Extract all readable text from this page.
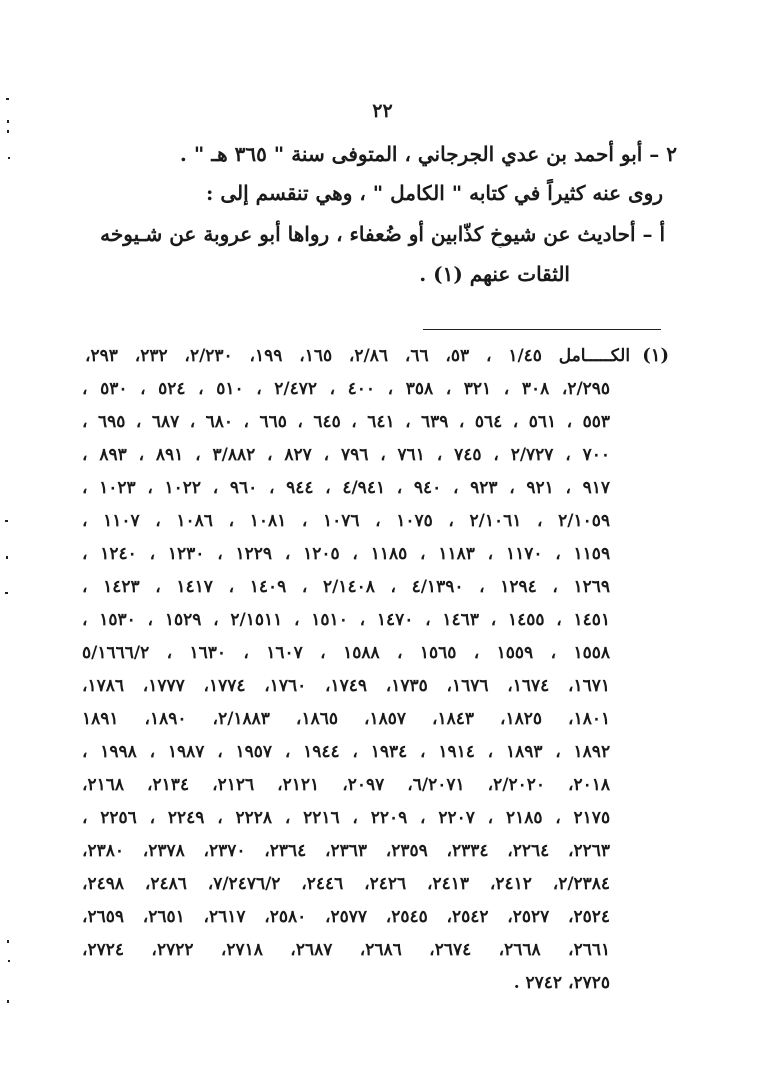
٢٢
٢ – أبو أحمد بن عدي الجرجاني ، المتوفى سنة " ٣٦٥ هـ " .
روى عنه كثيراً في كتابه " الكامل " ، وهي تنقسم إلى :
أ – أحاديث عن شيوخٍ كذّابين أو ضُعفاء ، رواها أبو عروبة عن شـيوخه
الثقات عنهم (١) .
(١)
الكـــــامل ١/٤٥ ، ٥٣، ٦٦، ٢/٨٦، ١٦٥، ١٩٩، ٢/٢٣٠، ٢٣٢، ٢٩٣،
٢/٢٩٥، ٣٠٨ ، ٣٢١ ، ٣٥٨ ، ٤٠٠ ، ٢/٤٧٢ ، ٥١٠ ، ٥٢٤ ، ٥٣٠ ،
٥٥٣ ، ٥٦١ ، ٥٦٤ ، ٦٣٩ ، ٦٤١ ، ٦٤٥ ، ٦٦٥ ، ٦٨٠ ، ٦٨٧ ، ٦٩٥ ،
٧٠٠ ، ٢/٧٢٧ ، ٧٤٥ ، ٧٦١ ، ٧٩٦ ، ٨٢٧ ، ٣/٨٨٢ ، ٨٩١ ، ٨٩٣ ،
٩١٧ ، ٩٢١ ، ٩٢٣ ، ٩٤٠ ، ٤/٩٤١ ، ٩٤٤ ، ٩٦٠ ، ١٠٢٢ ، ١٠٢٣ ،
٢/١٠٥٩ ، ٢/١٠٦١ ، ١٠٧٥ ، ١٠٧٦ ، ١٠٨١ ، ١٠٨٦ ، ١١٠٧ ،
١١٥٩ ، ١١٧٠ ، ١١٨٣ ، ١١٨٥ ، ١٢٠٥ ، ١٢٢٩ ، ١٢٣٠ ، ١٢٤٠ ،
١٢٦٩ ، ١٢٩٤ ، ٤/١٣٩٠ ، ٢/١٤٠٨ ، ١٤٠٩ ، ١٤١٧ ، ١٤٢٣ ،
١٤٥١ ، ١٤٥٥ ، ١٤٦٣ ، ١٤٧٠ ، ١٥١٠ ، ٢/١٥١١ ، ١٥٢٩ ، ١٥٣٠ ،
١٥٥٨ ، ١٥٥٩ ، ١٥٦٥ ، ١٥٨٨ ، ١٦٠٧ ، ١٦٣٠ ، ٥/١٦٦٦/٢
١٦٧١، ١٦٧٤، ١٦٧٦، ١٧٣٥، ١٧٤٩، ١٧٦٠، ١٧٧٤، ١٧٧٧، ١٧٨٦،
١٨٠١، ١٨٢٥، ١٨٤٣، ١٨٥٧، ١٨٦٥، ٢/١٨٨٣، ١٨٩٠، ١٨٩١
١٨٩٢ ، ١٨٩٣ ، ١٩١٤ ، ١٩٣٤ ، ١٩٤٤ ، ١٩٥٧ ، ١٩٨٧ ، ١٩٩٨ ،
٢٠١٨، ٢/٢٠٢٠، ٦/٢٠٧١، ٢٠٩٧، ٢١٢١، ٢١٢٦، ٢١٣٤، ٢١٦٨،
٢١٧٥ ، ٢١٨٥ ، ٢٢٠٧ ، ٢٢٠٩ ، ٢٢١٦ ، ٢٢٢٨ ، ٢٢٤٩ ، ٢٢٥٦ ،
٢٢٦٣، ٢٢٦٤، ٢٣٣٤، ٢٣٥٩، ٢٣٦٣، ٢٣٦٤، ٢٣٧٠، ٢٣٧٨، ٢٣٨٠،
٢/٢٣٨٤، ٢٤١٢، ٢٤١٣، ٢٤٢٦، ٢٤٤٦، ٧/٢٤٧٦/٢، ٢٤٨٦، ٢٤٩٨،
٢٥٢٤، ٢٥٢٧، ٢٥٤٢، ٢٥٤٥، ٢٥٧٧، ٢٥٨٠، ٢٦١٧، ٢٦٥١، ٢٦٥٩،
٢٦٦١، ٢٦٦٨، ٢٦٧٤، ٢٦٨٦، ٢٦٨٧، ٢٧١٨، ٢٧٢٢، ٢٧٢٤،
٢٧٢٥، ٢٧٤٢ .
